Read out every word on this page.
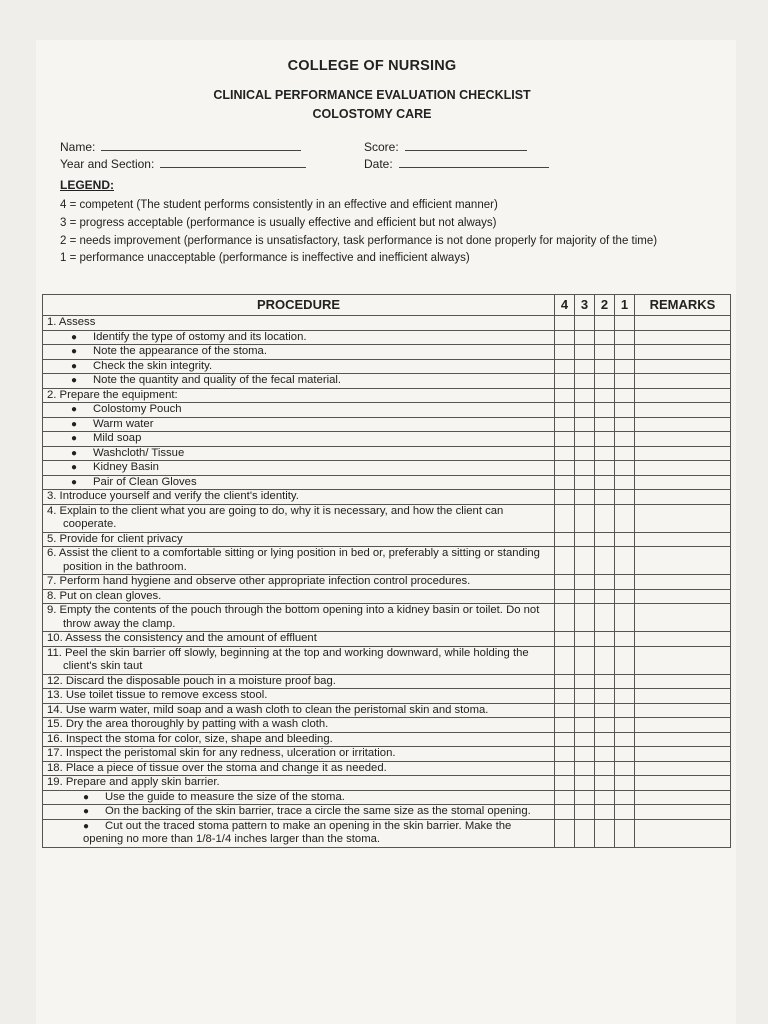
COLLEGE OF NURSING
CLINICAL PERFORMANCE EVALUATION CHECKLIST
COLOSTOMY CARE
Name:	Score:
Year and Section:	Date:
LEGEND:
4 = competent (The student performs consistently in an effective and efficient manner)
3 = progress acceptable (performance is usually effective and efficient but not always)
2 = needs improvement (performance is unsatisfactory, task performance is not done properly for majority of the time)
1 = performance unacceptable (performance is ineffective and inefficient always)
PROCEDURE	4	3	2	1	REMARKS

1. Assess					

● Identify the type of ostomy and its location.					
● Note the appearance of the stoma.					
● Check the skin integrity.					
● Note the quantity and quality of the fecal material.					

2. Prepare the equipment:					

● Colostomy Pouch					
● Warm water					
● Mild soap					
● Washcloth/ Tissue					
● Kidney Basin					
● Pair of Clean Gloves					

3. Introduce yourself and verify the client's identity.					

4. Explain to the client what you are going to do, why it is necessary, and how the client can cooperate.					

5. Provide for client privacy					

6. Assist the client to a comfortable sitting or lying position in bed or, preferably a sitting or standing position in the bathroom.					

7. Perform hand hygiene and observe other appropriate infection control procedures.					

8. Put on clean gloves.					

9. Empty the contents of the pouch through the bottom opening into a kidney basin or toilet. Do not throw away the clamp.					

10. Assess the consistency and the amount of effluent					

11. Peel the skin barrier off slowly, beginning at the top and working downward, while holding the client's skin taut					

12. Discard the disposable pouch in a moisture proof bag.					

13. Use toilet tissue to remove excess stool.					

14. Use warm water, mild soap and a wash cloth to clean the peristomal skin and stoma.					

15. Dry the area thoroughly by patting with a wash cloth.					

16. Inspect the stoma for color, size, shape and bleeding.					

17. Inspect the peristomal skin for any redness, ulceration or irritation.					

18. Place a piece of tissue over the stoma and change it as needed.					

19. Prepare and apply skin barrier.					

● Use the guide to measure the size of the stoma.					
● On the backing of the skin barrier, trace a circle the same size as the stomal opening.					
● Cut out the traced stoma pattern to make an opening in the skin barrier. Make the opening no more than 1/8-1/4 inches larger than the stoma.					
